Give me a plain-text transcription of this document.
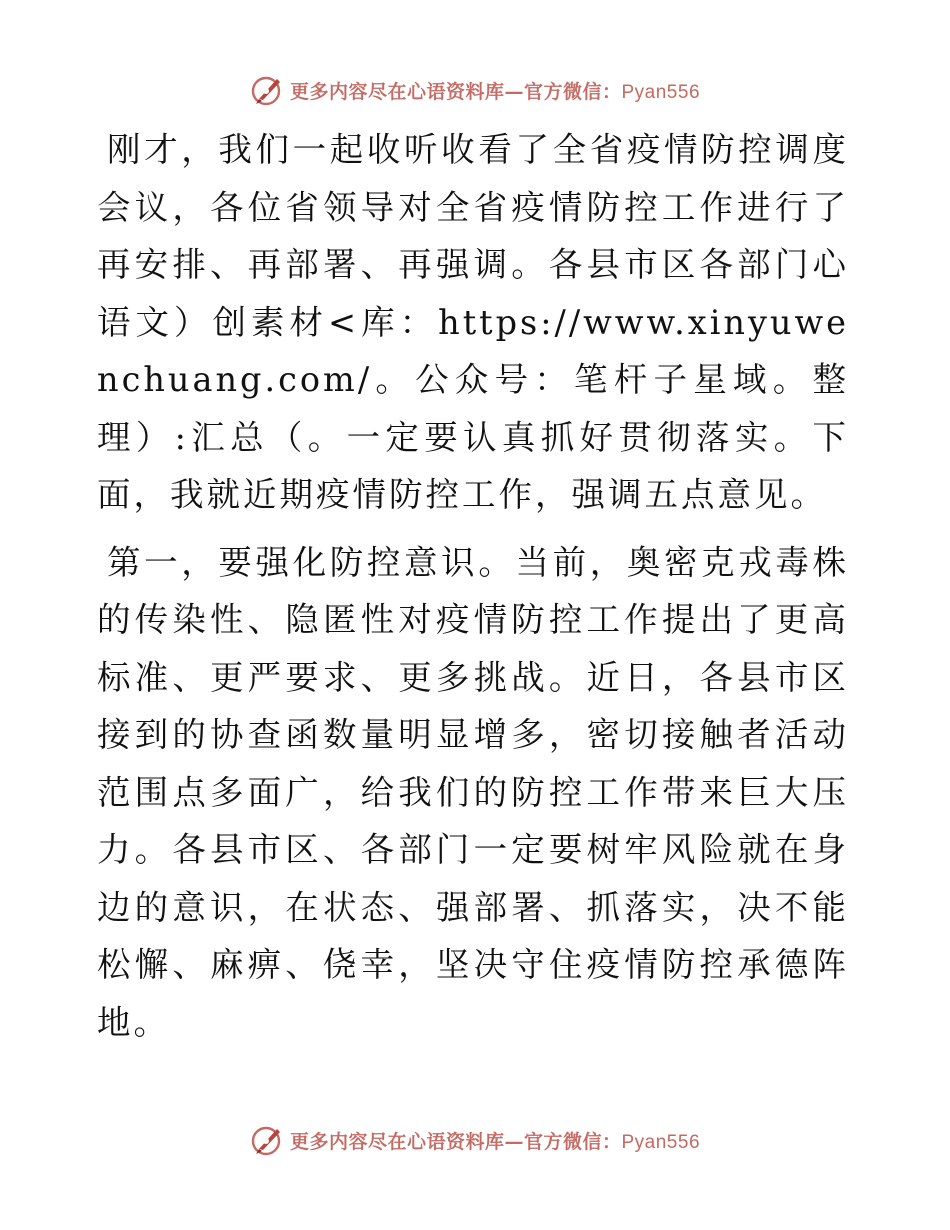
更多内容尽在心语资料库—官方微信：Pyan556

刚才，我们一起收听收看了全省疫情防控调度会议，各位省领导对全省疫情防控工作进行了再安排、再部署、再强调。各县市区各部门心语文）创素材<库：https://www.xinyuwenchuang.com/。公众号：笔杆子星域。整理）:汇总（。一定要认真抓好贯彻落实。下面，我就近期疫情防控工作，强调五点意见。

第一，要强化防控意识。当前，奥密克戎毒株的传染性、隐匿性对疫情防控工作提出了更高标准、更严要求、更多挑战。近日，各县市区接到的协查函数量明显增多，密切接触者活动范围点多面广，给我们的防控工作带来巨大压力。各县市区、各部门一定要树牢风险就在身边的意识，在状态、强部署、抓落实，决不能松懈、麻痹、侥幸，坚决守住疫情防控承德阵地。

更多内容尽在心语资料库—官方微信：Pyan556
